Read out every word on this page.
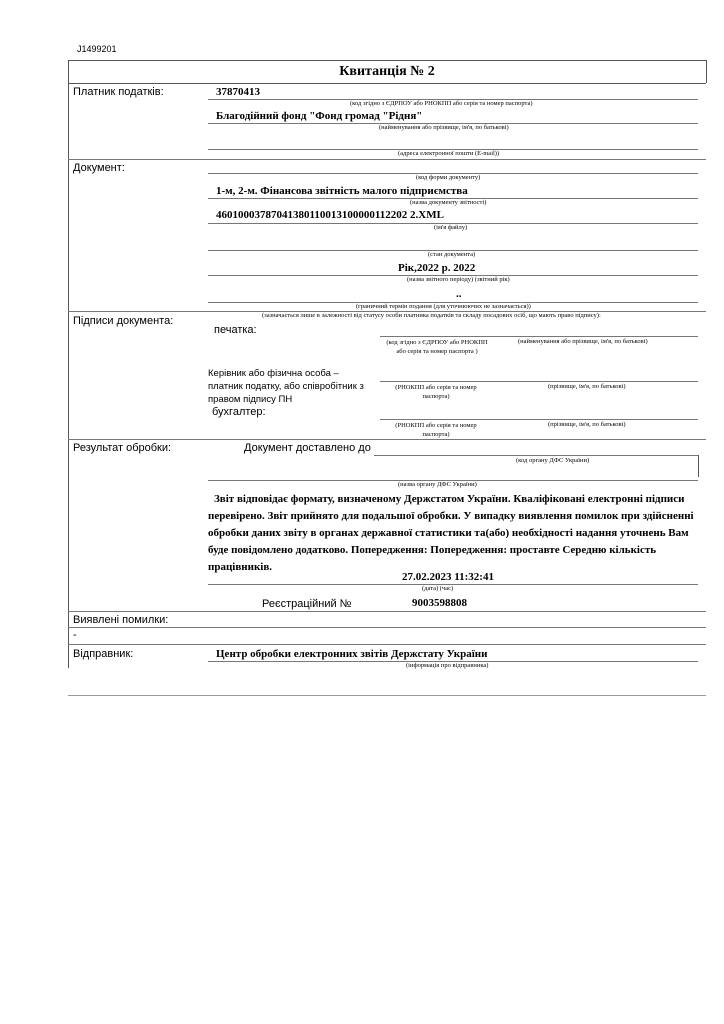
J1499201
Квитанція № 2
Платник податків:	37870413
(код згідно з ЄДРПОУ або РНОКПП або серія та номер паспорта)
Благодійний фонд "Фонд громад "Рідня"
(найменування або прізвище, ім'я, по батькові)
(адреса електронної пошти (E-mail))
Документ:
(код форми документу)
1-м, 2-м. Фінансова звітність малого підприємства
(назва документу звітності)
46010003787041380110013100000112202 2.XML
(ім'я файлу)
(стан документа)
Рік,2022 р. 2022
(назва звітного періоду) (звітний рік)
..
(граничний термін подання (для уточнюючих не зазначається))
Підписи документа:	(зазначається лише в залежності від статусу особи платника податків та складу посадових осіб, що мають право підпису):
печатка:
(код згідно з ЄДРПОУ або РНОКПП або серія та номер паспорта )
(найменування або прізвище, ім'я, по батькові)
Керівник або фізична особа – платник податку, або співробітник з правом підпису ПН
(РНОКПП або серія та номер паспорта)
(прізвище, ім'я, по батькові)
бухгалтер:
(РНОКПП або серія та номер паспорта)
(прізвище, ім'я, по батькові)
Результат обробки:	Документ доставлено до
(код органу ДФС України)
(назва органу ДФС України)
Звіт відповідає формату, визначеному Держстатом України. Кваліфіковані електронні підписи перевірено. Звіт прийнято для подальшої обробки. У випадку виявлення помилок при здійсненні обробки даних звіту в органах державної статистики та(або) необхідності надання уточнень Вам буде повідомлено додатково. Попередження: Попередження: проставте Середню кількість працівників.
27.02.2023 11:32:41
(дата) (час)
Реєстраційний №	9003598808
Виявлені помилки:
-
Відправник:	Центр обробки електронних звітів Держстату України
(інформація про відправника)
